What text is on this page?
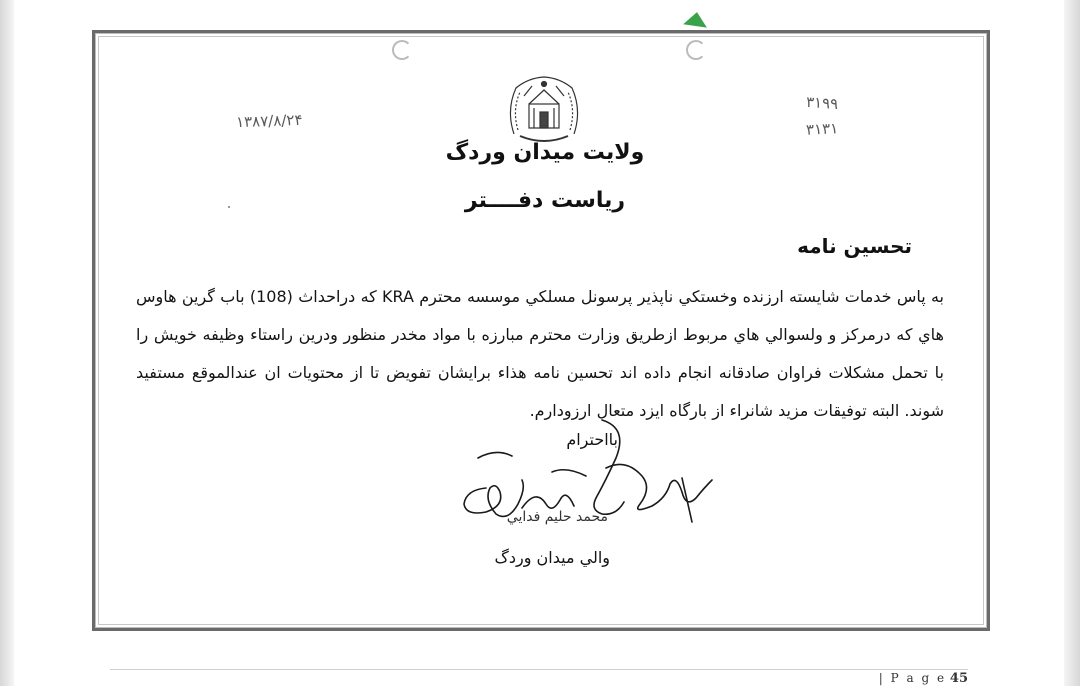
۱۳۸۷/۸/۲۴
۳۱۹۹
۳۱۳۱
ولايت ميدان وردگ
رياست دفــــتر
تحسين نامه
به پاس خدمات شايسته ارزنده وخستكي ناپذير پرسونل مسلكي موسسه محترم KRA كه دراحداث (108) باب گرين هاوس هاي كه درمركز و ولسوالي هاي مربوط ازطريق وزارت محترم مبارزه با مواد مخدر منظور ودرين راستاء وظيفه خويش را با تحمل مشكلات فراوان صادقانه انجام داده اند تحسين نامه هذاء برايشان تفويض تا از محتويات ان عندالموقع مستفيد شوند. البته توفيقات مزيد شانراء از بارگاه ايزد متعال ارزودارم.
بااحترام
محمد حليم فدايي
والي ميدان وردگ
| P a g e 45
